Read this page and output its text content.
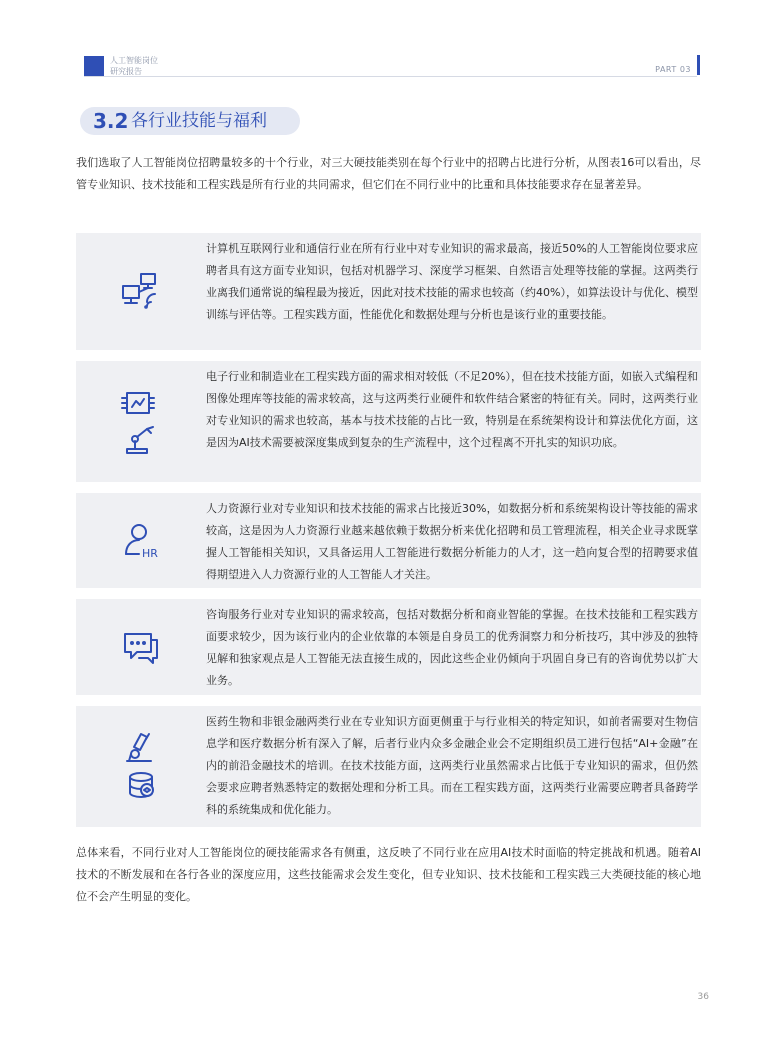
人工智能岗位
研究报告	PART 03
3.2 各行业技能与福利
我们选取了人工智能岗位招聘量较多的十个行业，对三大硬技能类别在每个行业中的招聘占比进行分析，从图表16可以看出，尽管专业知识、技术技能和工程实践是所有行业的共同需求，但它们在不同行业中的比重和具体技能要求存在显著差异。
计算机互联网行业和通信行业在所有行业中对专业知识的需求最高，接近50%的人工智能岗位要求应聘者具有这方面专业知识，包括对机器学习、深度学习框架、自然语言处理等技能的掌握。这两类行业离我们通常说的编程最为接近，因此对技术技能的需求也较高（约40%），如算法设计与优化、模型训练与评估等。工程实践方面，性能优化和数据处理与分析也是该行业的重要技能。
电子行业和制造业在工程实践方面的需求相对较低（不足20%），但在技术技能方面，如嵌入式编程和图像处理库等技能的需求较高，这与这两类行业硬件和软件结合紧密的特征有关。同时，这两类行业对专业知识的需求也较高，基本与技术技能的占比一致，特别是在系统架构设计和算法优化方面，这是因为AI技术需要被深度集成到复杂的生产流程中，这个过程离不开扎实的知识功底。
HR
人力资源行业对专业知识和技术技能的需求占比接近30%，如数据分析和系统架构设计等技能的需求较高，这是因为人力资源行业越来越依赖于数据分析来优化招聘和员工管理流程，相关企业寻求既掌握人工智能相关知识，又具备运用人工智能进行数据分析能力的人才，这一趋向复合型的招聘要求值得期望进入人力资源行业的人工智能人才关注。
咨询服务行业对专业知识的需求较高，包括对数据分析和商业智能的掌握。在技术技能和工程实践方面要求较少，因为该行业内的企业依靠的本领是自身员工的优秀洞察力和分析技巧，其中涉及的独特见解和独家观点是人工智能无法直接生成的，因此这些企业仍倾向于巩固自身已有的咨询优势以扩大业务。
医药生物和非银金融两类行业在专业知识方面更侧重于与行业相关的特定知识，如前者需要对生物信息学和医疗数据分析有深入了解，后者行业内众多金融企业会不定期组织员工进行包括“AI+金融”在内的前沿金融技术的培训。在技术技能方面，这两类行业虽然需求占比低于专业知识的需求，但仍然会要求应聘者熟悉特定的数据处理和分析工具。而在工程实践方面，这两类行业需要应聘者具备跨学科的系统集成和优化能力。
总体来看，不同行业对人工智能岗位的硬技能需求各有侧重，这反映了不同行业在应用AI技术时面临的特定挑战和机遇。随着AI技术的不断发展和在各行各业的深度应用，这些技能需求会发生变化，但专业知识、技术技能和工程实践三大类硬技能的核心地位不会产生明显的变化。
36
